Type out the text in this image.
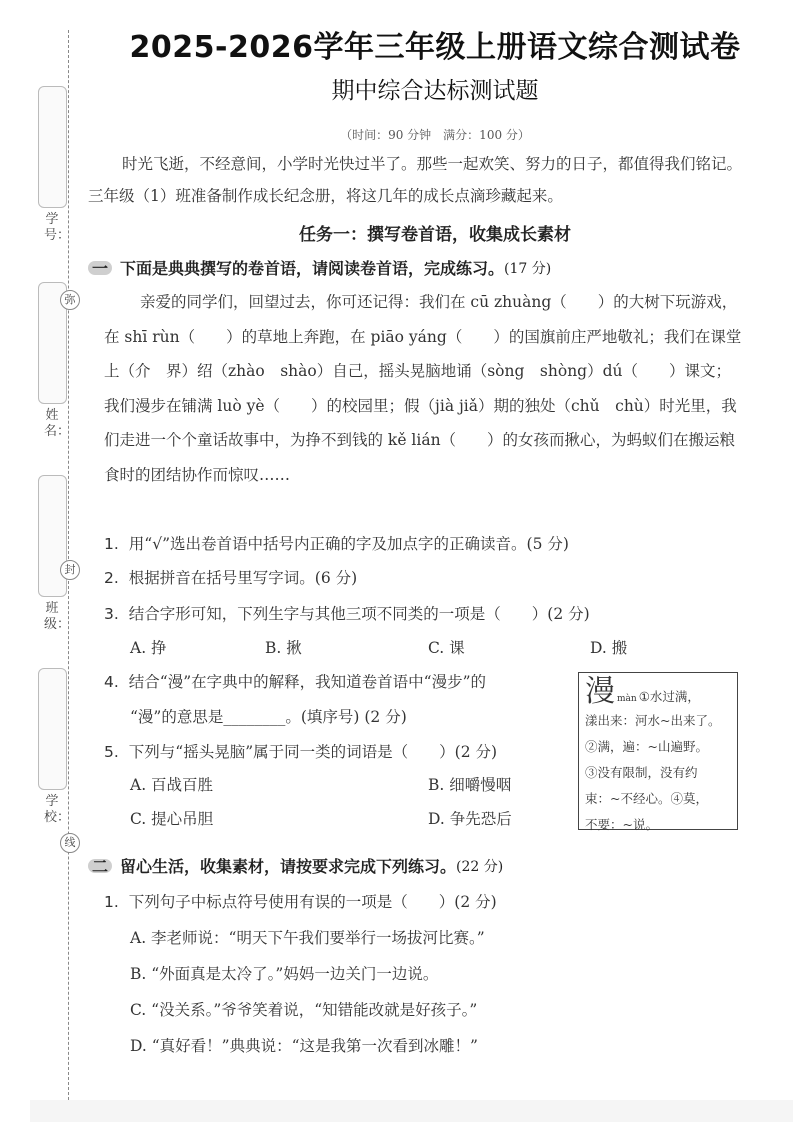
学号：
姓名：
班级：
学校：
弥
封
线
2025-2026学年三年级上册语文综合测试卷
期中综合达标测试题
（时间：90 分钟　满分：100 分）
时光飞逝，不经意间，小学时光快过半了。那些一起欢笑、努力的日子，都值得我们铭记。三年级（1）班准备制作成长纪念册，将这几年的成长点滴珍藏起来。
任务一：撰写卷首语，收集成长素材
一 下面是典典撰写的卷首语，请阅读卷首语，完成练习。 (17 分)
亲爱的同学们，回望过去，你可还记得：我们在 cū zhuàng（　　）的大树下玩游戏，在 shī rùn（　　）的草地上奔跑，在 piāo yáng（　　）的国旗前庄严地敬礼；我们在课堂上（介　界）绍（zhào　shào）自己，摇头晃脑地诵（sòng　shòng）dú（　　）课文；我们漫步在铺满 luò yè（　　）的校园里；假（jià jiǎ）期的独处（chǔ　chù）时光里，我们走进一个个童话故事中，为挣不到钱的 kě lián（　　）的女孩而揪心，为蚂蚁们在搬运粮食时的团结协作而惊叹……
1. 用“√”选出卷首语中括号内正确的字及加点字的正确读音。(5 分)
2. 根据拼音在括号里写字词。(6 分)
3. 结合字形可知，下列生字与其他三项不同类的一项是（　　）(2 分)
A. 挣	B. 揪	C. 课	D. 搬
4. 结合“漫”在字典中的解释，我知道卷首语中“漫步”的
“漫”的意思是________。(填序号) (2 分)
5. 下列与“摇头晃脑”属于同一类的词语是（　　）(2 分)
A. 百战百胜	B. 细嚼慢咽
C. 提心吊胆	D. 争先恐后
漫màn ①水过满，
漾出来：河水~出来了。
②满，遍：~山遍野。
③没有限制，没有约
束：~不经心。④莫，
不要：~说。
二 留心生活，收集素材，请按要求完成下列练习。 (22 分)
1. 下列句子中标点符号使用有误的一项是（　　）(2 分)
A. 李老师说：“明天下午我们要举行一场拔河比赛。”
B. “外面真是太冷了。”妈妈一边关门一边说。
C. “没关系。”爷爷笑着说，“知错能改就是好孩子。”
D. “真好看！”典典说：“这是我第一次看到冰雕！”
